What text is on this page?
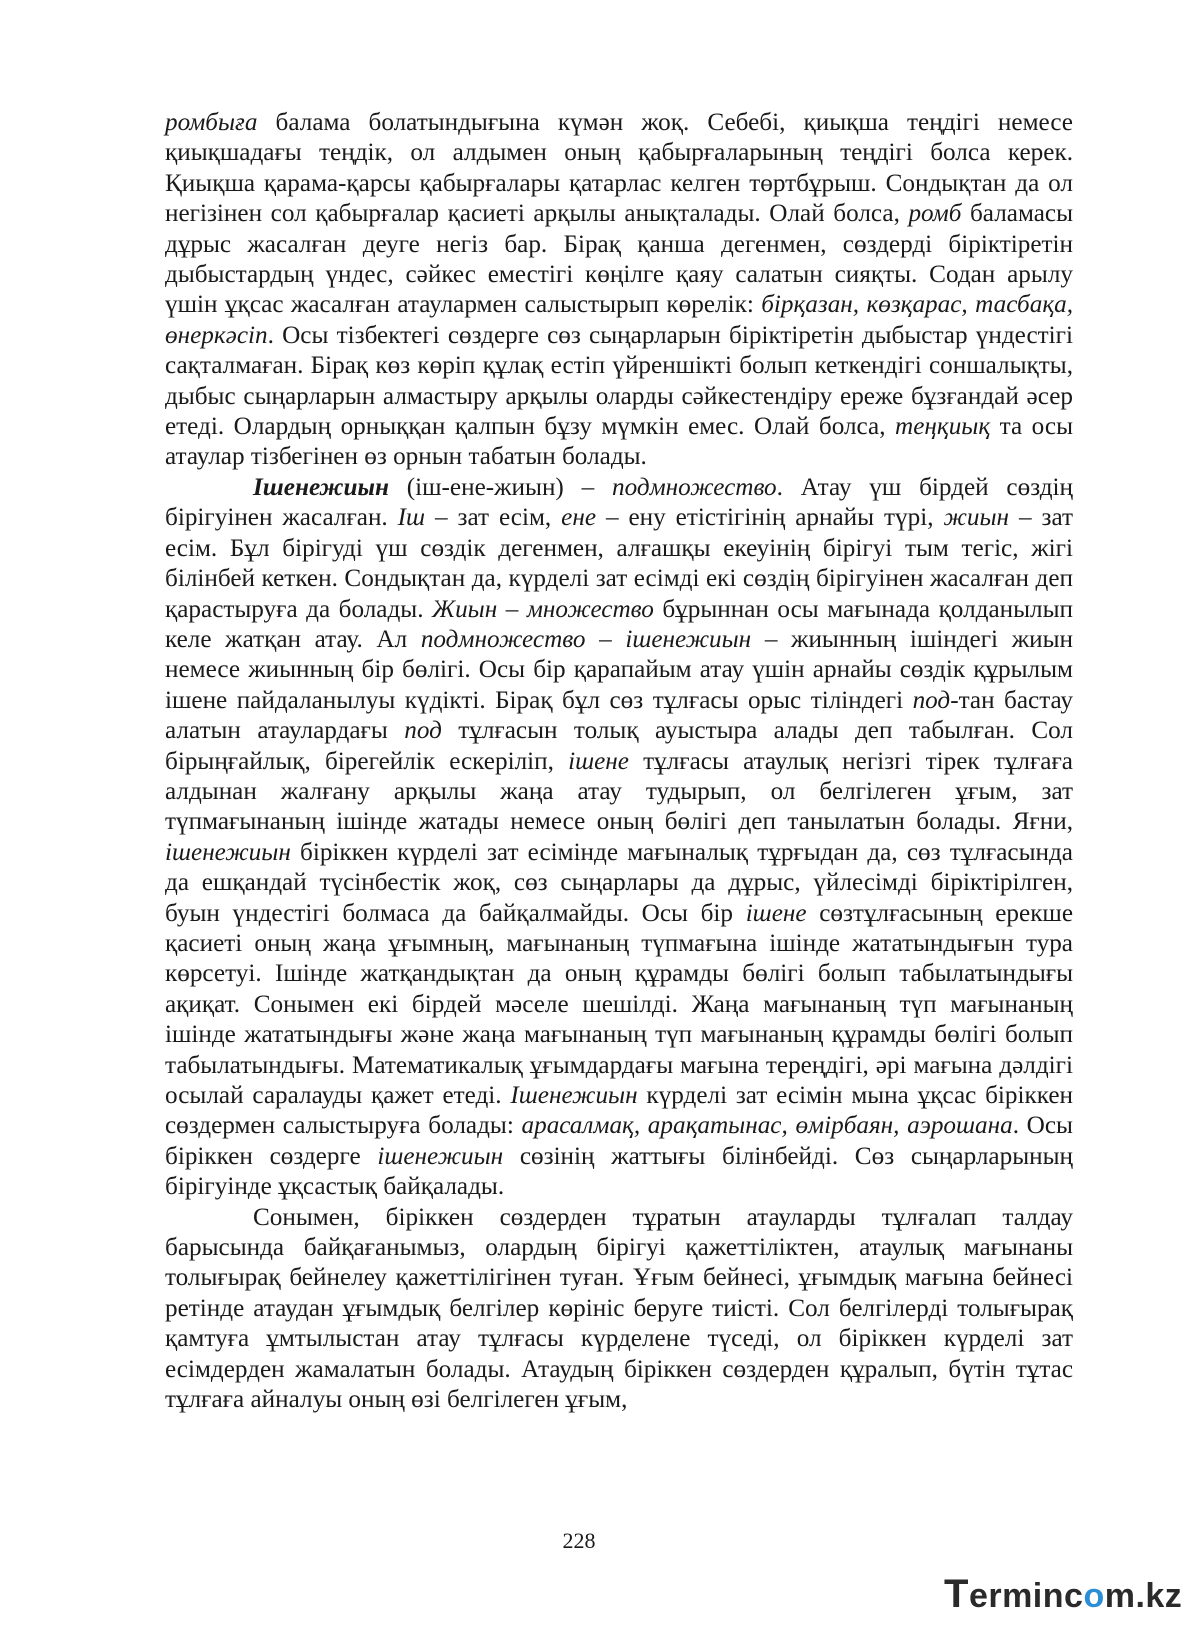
ромбыға балама болатындығына күмән жоқ. Себебі, қиықша теңдігі немесе қиықшадағы теңдік, ол алдымен оның қабырғаларының теңдігі болса керек. Қиықша қарама-қарсы қабырғалары қатарлас келген төртбұрыш. Сондықтан да ол негізінен сол қабырғалар қасиеті арқылы анықталады. Олай болса, ромб баламасы дұрыс жасалған деуге негіз бар. Бірақ қанша дегенмен, сөздерді біріктіретін дыбыстардың үндес, сәйкес еместігі көңілге қаяу салатын сияқты. Содан арылу үшін ұқсас жасалған атаулармен салыстырып көрелік: бірқазан, көзқарас, тасбақа, өнеркәсіп. Осы тізбектегі сөздерге сөз сыңарларын біріктіретін дыбыстар үндестігі сақталмаған. Бірақ көз көріп құлақ естіп үйреншікті болып кеткендігі соншалықты, дыбыс сыңарларын алмастыру арқылы оларды сәйкестендіру ереже бұзғандай әсер етеді. Олардың орныққан қалпын бұзу мүмкін емес. Олай болса, теңқиық та осы атаулар тізбегінен өз орнын табатын болады.

Ішенежиын (іш-ене-жиын) – подмножество. Атау үш бірдей сөздің бірігуінен жасалған. Іш – зат есім, ене – ену етістігінің арнайы түрі, жиын – зат есім. Бұл бірігуді үш сөздік дегенмен, алғашқы екеуінің бірігуі тым тегіс, жігі білінбей кеткен. Сондықтан да, күрделі зат есімді екі сөздің бірігуінен жасалған деп қарастыруға да болады. Жиын – множество бұрыннан осы мағынада қолданылып келе жатқан атау. Ал подмножество – ішенежиын – жиынның ішіндегі жиын немесе жиынның бір бөлігі. Осы бір қарапайым атау үшін арнайы сөздік құрылым ішене пайдаланылуы күдікті. Бірақ бұл сөз тұлғасы орыс тіліндегі под-тан бастау алатын атаулардағы под тұлғасын толық ауыстыра алады деп табылған. Сол бірыңғайлық, бірегейлік ескеріліп, ішене тұлғасы атаулық негізгі тірек тұлғаға алдынан жалғану арқылы жаңа атау тудырып, ол белгілеген ұғым, зат түпмағынаның ішінде жатады немесе оның бөлігі деп танылатын болады. Яғни, ішенежиын біріккен күрделі зат есімінде мағыналық тұрғыдан да, сөз тұлғасында да ешқандай түсінбестік жоқ, сөз сыңарлары да дұрыс, үйлесімді біріктірілген, буын үндестігі болмаса да байқалмайды. Осы бір ішене сөзтұлғасының ерекше қасиеті оның жаңа ұғымның, мағынаның түпмағына ішінде жататындығын тура көрсетуі. Ішінде жатқандықтан да оның құрамды бөлігі болып табылатындығы ақиқат. Сонымен екі бірдей мәселе шешілді. Жаңа мағынаның түп мағынаның ішінде жататындығы және жаңа мағынаның түп мағынаның құрамды бөлігі болып табылатындығы. Математикалық ұғымдардағы мағына тереңдігі, әрі мағына дәлдігі осылай саралауды қажет етеді. Ішенежиын күрделі зат есімін мына ұқсас біріккен сөздермен салыстыруға болады: арасалмақ, арақатынас, өмірбаян, аэрошана. Осы біріккен сөздерге ішенежиын сөзінің жаттығы білінбейді. Сөз сыңарларының бірігуінде ұқсастық байқалады.

Сонымен, біріккен сөздерден тұратын атауларды тұлғалап талдау барысында байқағанымыз, олардың бірігуі қажеттіліктен, атаулық мағынаны толығырақ бейнелеу қажеттілігінен туған. Ұғым бейнесі, ұғымдық мағына бейнесі ретінде атаудан ұғымдық белгілер көрініс беруге тиісті. Сол белгілерді толығырақ қамтуға ұмтылыстан атау тұлғасы күрделене түседі, ол біріккен күрделі зат есімдерден жамалатын болады. Атаудың біріккен сөздерден құралып, бүтін тұтас тұлғаға айналуы оның өзі белгілеген ұғым,

228
Termincom.kz
